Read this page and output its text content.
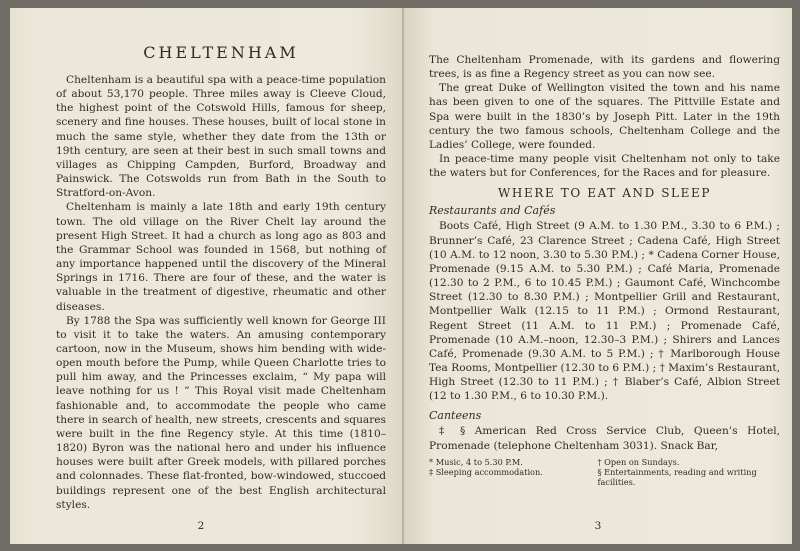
CHELTENHAM

Cheltenham is a beautiful spa with a peace-time population of about 53,170 people. Three miles away is Cleeve Cloud, the highest point of the Cotswold Hills, famous for sheep, scenery and fine houses. These houses, built of local stone in much the same style, whether they date from the 13th or 19th century, are seen at their best in such small towns and villages as Chipping Campden, Burford, Broadway and Painswick. The Cotswolds run from Bath in the South to Stratford-on-Avon.

Cheltenham is mainly a late 18th and early 19th century town. The old village on the River Chelt lay around the present High Street. It had a church as long ago as 803 and the Grammar School was founded in 1568, but nothing of any importance happened until the discovery of the Mineral Springs in 1716. There are four of these, and the water is valuable in the treatment of digestive, rheumatic and other diseases.

By 1788 the Spa was sufficiently well known for George III to visit it to take the waters. An amusing contemporary cartoon, now in the Museum, shows him bending with wide-open mouth before the Pump, while Queen Charlotte tries to pull him away, and the Princesses exclaim, “ My papa will leave nothing for us ! ” This Royal visit made Cheltenham fashionable and, to accommodate the people who came there in search of health, new streets, crescents and squares were built in the fine Regency style. At this time (1810–1820) Byron was the national hero and under his influence houses were built after Greek models, with pillared porches and colonnades. These flat-fronted, bow-windowed, stuccoed buildings represent one of the best English architectural styles.

2

The Cheltenham Promenade, with its gardens and flowering trees, is as fine a Regency street as you can now see.

The great Duke of Wellington visited the town and his name has been given to one of the squares. The Pittville Estate and Spa were built in the 1830’s by Joseph Pitt. Later in the 19th century the two famous schools, Cheltenham College and the Ladies’ College, were founded.

In peace-time many people visit Cheltenham not only to take the waters but for Conferences, for the Races and for pleasure.

WHERE TO EAT AND SLEEP
Restaurants and Cafés

Boots Café, High Street (9 A.M. to 1.30 P.M., 3.30 to 6 P.M.) ; Brunner’s Café, 23 Clarence Street ; Cadena Café, High Street (10 A.M. to 12 noon, 3.30 to 5.30 P.M.) ; * Cadena Corner House, Promenade (9.15 A.M. to 5.30 P.M.) ; Café Maria, Promenade (12.30 to 2 P.M., 6 to 10.45 P.M.) ; Gaumont Café, Winchcombe Street (12.30 to 8.30 P.M.) ; Montpellier Grill and Restaurant, Montpellier Walk (12.15 to 11 P.M.) ; Ormond Restaurant, Regent Street (11 A.M. to 11 P.M.) ; Promenade Café, Promenade (10 A.M.–noon, 12.30–3 P.M.) ; Shirers and Lances Café, Promenade (9.30 A.M. to 5 P.M.) ; † Marlborough House Tea Rooms, Montpellier (12.30 to 6 P.M.) ; † Maxim’s Restaurant, High Street (12.30 to 11 P.M.) ; † Blaber’s Café, Albion Street (12 to 1.30 P.M., 6 to 10.30 P.M.).

Canteens

‡ § American Red Cross Service Club, Queen’s Hotel, Promenade (telephone Cheltenham 3031). Snack Bar,

* Music, 4 to 5.30 P.M.	† Open on Sundays.

‡ Sleeping accommodation.	§ Entertainments, reading and writing facilities.

3
